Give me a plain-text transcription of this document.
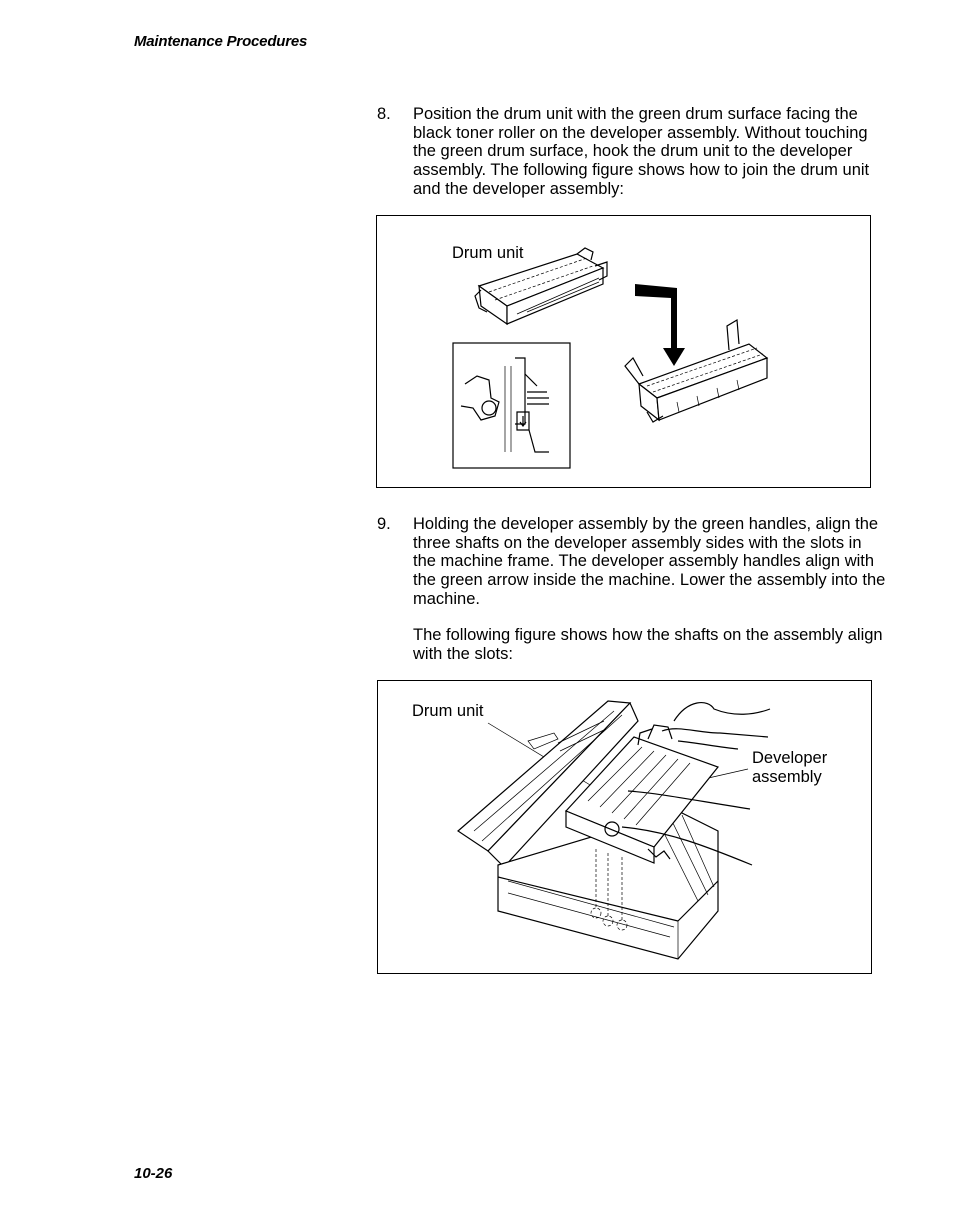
Maintenance Procedures
8. Position the drum unit with the green drum surface facing the black toner roller on the developer assembly. Without touching the green drum surface, hook the drum unit to the developer assembly. The following figure shows how to join the drum unit and the developer assembly:
Drum unit
9. Holding the developer assembly by the green handles, align the three shafts on the developer assembly sides with the slots in the machine frame. The developer assembly handles align with the green arrow inside the machine. Lower the assembly into the machine.
The following figure shows how the shafts on the assembly align with the slots:
Drum unit
Developer
assembly
10-26
